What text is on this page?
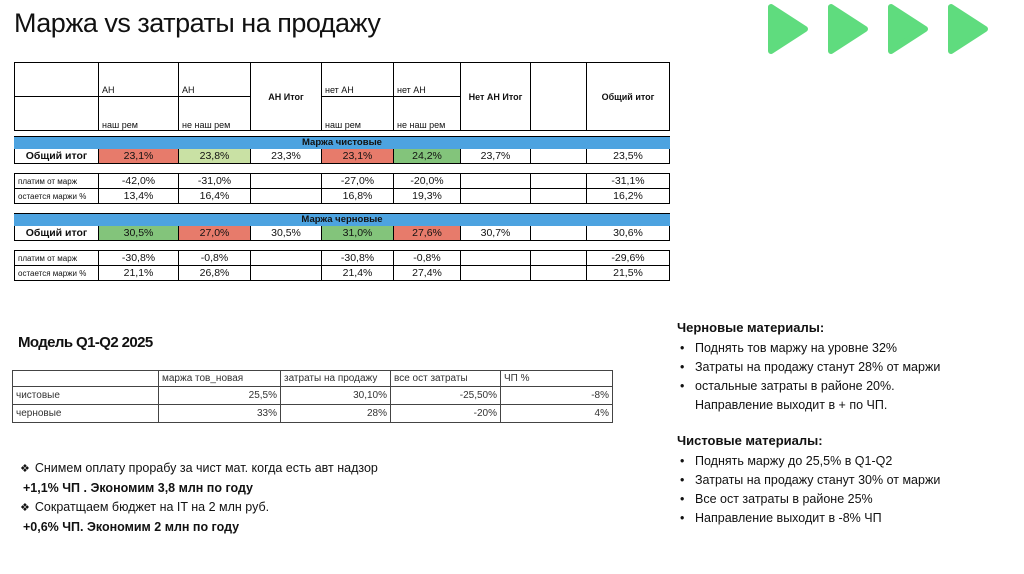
Маржа vs затраты на продажу
	АН	АН	АН Итог	нет АН	нет АН	Нет АН Итог		Общий итог
	наш рем	не наш рем		наш рем	не наш рем			

Маржа чистовые								
Общий итог	23,1%	23,8%	23,3%	23,1%	24,2%	23,7%		23,5%

платим от марж	-42,0%	-31,0%		-27,0%	-20,0%			-31,1%
остается маржи %	13,4%	16,4%		16,8%	19,3%			16,2%

Маржа черновые								
Общий итог	30,5%	27,0%	30,5%	31,0%	27,6%	30,7%		30,6%

платим от марж	-30,8%	-0,8%		-30,8%	-0,8%			-29,6%
остается маржи %	21,1%	26,8%		21,4%	27,4%			21,5%
Модель Q1-Q2 2025
	маржа тов_новая	затраты на продажу	все ост затраты	ЧП %
чистовые	25,5%	30,10%	-25,50%	-8%
черновые	33%	28%	-20%	4%
❖ Снимем оплату прорабу за чист мат. когда есть авт надзор
+1,1% ЧП . Экономим 3,8 млн по году
❖ Сократщаем бюджет на IT на 2 млн руб.
+0,6% ЧП. Экономим 2 млн по году
Черновые материалы:
• Поднять тов маржу на уровне 32%
• Затраты на продажу станут 28% от маржи
• остальные затраты в районе 20%.
Направление выходит в + по ЧП.
Чистовые материалы:
• Поднять маржу до 25,5% в Q1-Q2
• Затраты на продажу станут 30% от маржи
• Все ост затраты в районе 25%
• Направление выходит в -8% ЧП
